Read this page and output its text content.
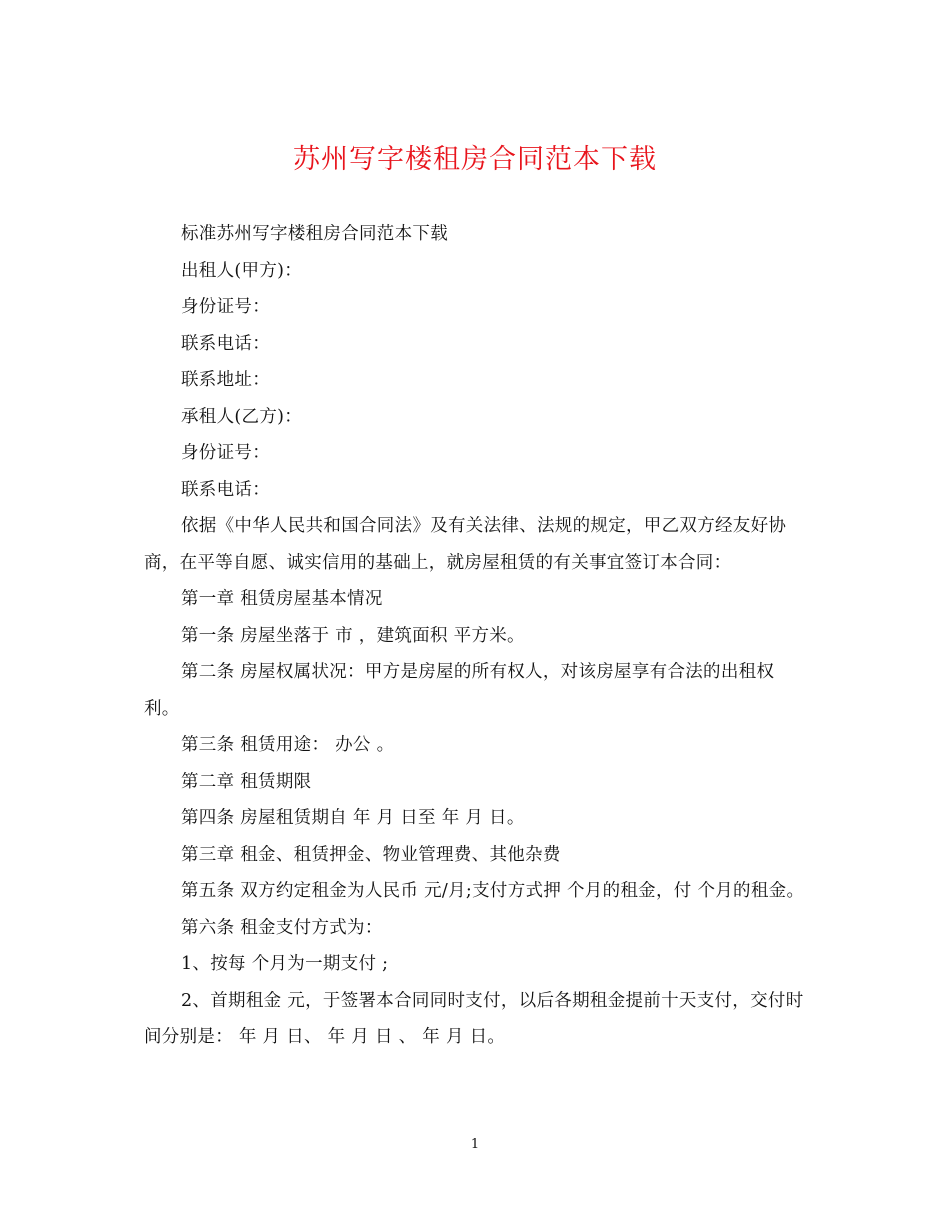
苏州写字楼租房合同范本下载

标准苏州写字楼租房合同范本下载

出租人(甲方)：

身份证号：

联系电话：

联系地址：

承租人(乙方)：

身份证号：

联系电话：

依据《中华人民共和国合同法》及有关法律、法规的规定，甲乙双方经友好协商，在平等自愿、诚实信用的基础上，就房屋租赁的有关事宜签订本合同：

第一章 租赁房屋基本情况

第一条 房屋坐落于 市 ，建筑面积 平方米。

第二条 房屋权属状况：甲方是房屋的所有权人，对该房屋享有合法的出租权利。

第三条 租赁用途： 办公 。

第二章 租赁期限

第四条 房屋租赁期自 年 月 日至 年 月 日。

第三章 租金、租赁押金、物业管理费、其他杂费

第五条 双方约定租金为人民币 元/月;支付方式押 个月的租金，付 个月的租金。

第六条 租金支付方式为：

1、按每 个月为一期支付 ;

2、首期租金 元，于签署本合同同时支付，以后各期租金提前十天支付，交付时间分别是： 年 月 日、 年 月 日 、 年 月 日。

1
